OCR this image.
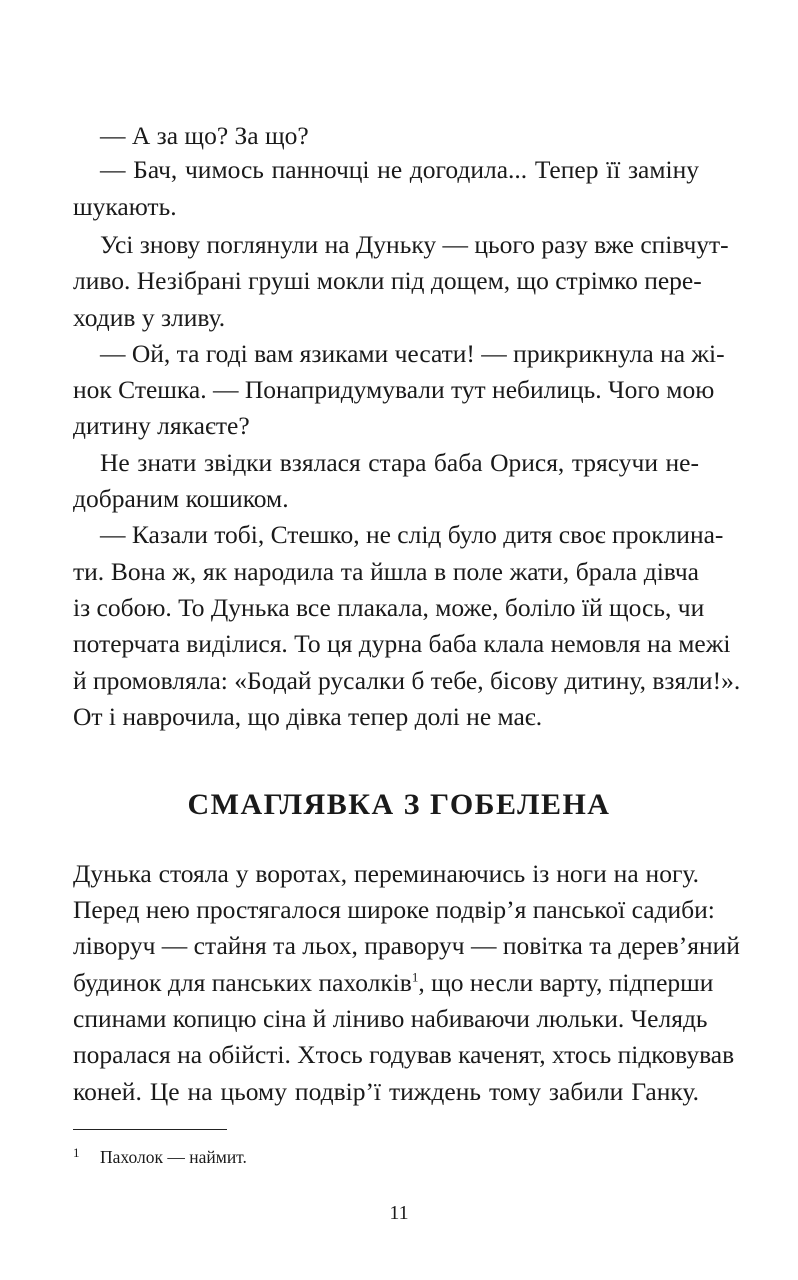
— А за що? За що?

— Бач, чимось панночці не догодила... Тепер її заміну

шукають.

Усі знову поглянули на Дуньку — цього разу вже співчут-

ливо. Незібрані груші мокли під дощем, що стрімко пере-

ходив у зливу.

— Ой, та годі вам язиками чесати! — прикрикнула на жі-

нок Стешка. — Понапридумували тут небилиць. Чого мою

дитину лякаєте?

Не знати звідки взялася стара баба Орися, трясучи не-

добраним кошиком.

— Казали тобі, Стешко, не слід було дитя своє проклина-

ти. Вона ж, як народила та йшла в поле жати, брала дівча

із собою. То Дунька все плакала, може, боліло їй щось, чи

потерчата виділися. То ця дурна баба клала немовля на межі

й промовляла: «Бодай русалки б тебе, бісову дитину, взяли!».

От і наврочила, що дівка тепер долі не має.

СМАГЛЯВКА З ГОБЕЛЕНА

Дунька стояла у воротах, переминаючись із ноги на ногу.

Перед нею простягалося широке подвір’я панської садиби:

ліворуч — стайня та льох, праворуч — повітка та дерев’яний

будинок для панських пахолків$^1$, що несли варту, підперши

спинами копицю сіна й ліниво набиваючи люльки. Челядь

поралася на обійсті. Хтось годував каченят, хтось підковував

коней. Це на цьому подвір’ї тиждень тому забили Ганку.

1 Пахолок — наймит.
11
